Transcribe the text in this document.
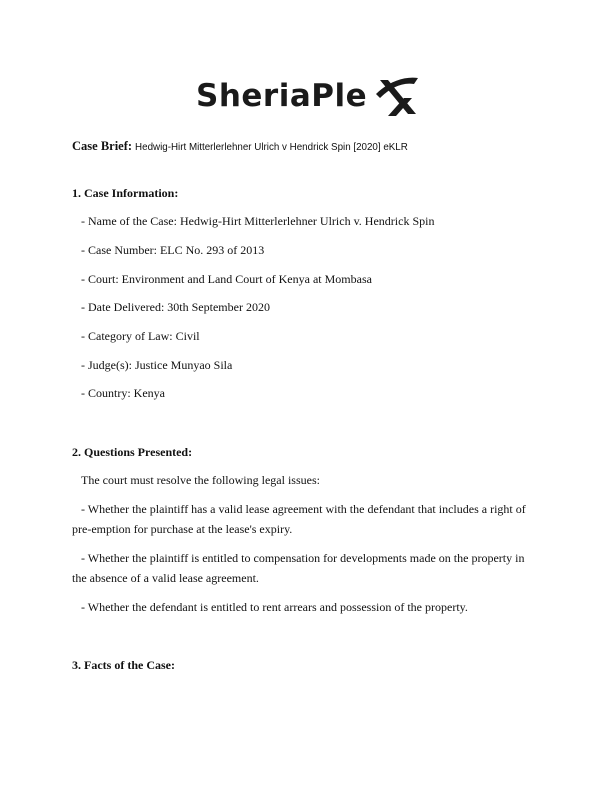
SheriaPle
Case Brief: Hedwig-Hirt Mitterlerlehner Ulrich v Hendrick Spin [2020] eKLR
1. Case Information:
- Name of the Case: Hedwig-Hirt Mitterlerlehner Ulrich v. Hendrick Spin
- Case Number: ELC No. 293 of 2013
- Court: Environment and Land Court of Kenya at Mombasa
- Date Delivered: 30th September 2020
- Category of Law: Civil
- Judge(s): Justice Munyao Sila
- Country: Kenya
2. Questions Presented:
The court must resolve the following legal issues:
- Whether the plaintiff has a valid lease agreement with the defendant that includes a right of
pre-emption for purchase at the lease's expiry.
- Whether the plaintiff is entitled to compensation for developments made on the property in
the absence of a valid lease agreement.
- Whether the defendant is entitled to rent arrears and possession of the property.
3. Facts of the Case:
